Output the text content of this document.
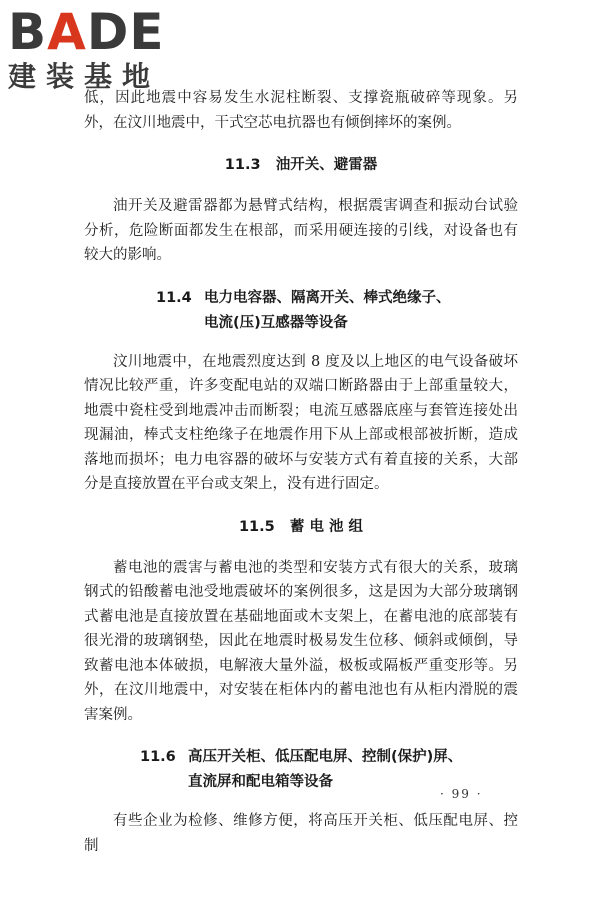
BADE
建装基地

低，因此地震中容易发生水泥柱断裂、支撑瓷瓶破碎等现象。另外，在汶川地震中，干式空芯电抗器也有倾倒摔坏的案例。

11.3 油开关、避雷器

油开关及避雷器都为悬臂式结构，根据震害调查和振动台试验分析，危险断面都发生在根部，而采用硬连接的引线，对设备也有较大的影响。

11.4 电力电容器、隔离开关、棒式绝缘子、
电流(压)互感器等设备

汶川地震中，在地震烈度达到 8 度及以上地区的电气设备破坏情况比较严重，许多变配电站的双端口断路器由于上部重量较大，地震中瓷柱受到地震冲击而断裂；电流互感器底座与套管连接处出现漏油，棒式支柱绝缘子在地震作用下从上部或根部被折断，造成落地而损坏；电力电容器的破坏与安装方式有着直接的关系，大部分是直接放置在平台或支架上，没有进行固定。

11.5 蓄 电 池 组

蓄电池的震害与蓄电池的类型和安装方式有很大的关系，玻璃钢式的铅酸蓄电池受地震破坏的案例很多，这是因为大部分玻璃钢式蓄电池是直接放置在基础地面或木支架上，在蓄电池的底部装有很光滑的玻璃钢垫，因此在地震时极易发生位移、倾斜或倾倒，导致蓄电池本体破损，电解液大量外溢，极板或隔板严重变形等。另外，在汶川地震中，对安装在柜体内的蓄电池也有从柜内滑脱的震害案例。

11.6 高压开关柜、低压配电屏、控制(保护)屏、
直流屏和配电箱等设备

有些企业为检修、维修方便，将高压开关柜、低压配电屏、控制

· 99 ·
